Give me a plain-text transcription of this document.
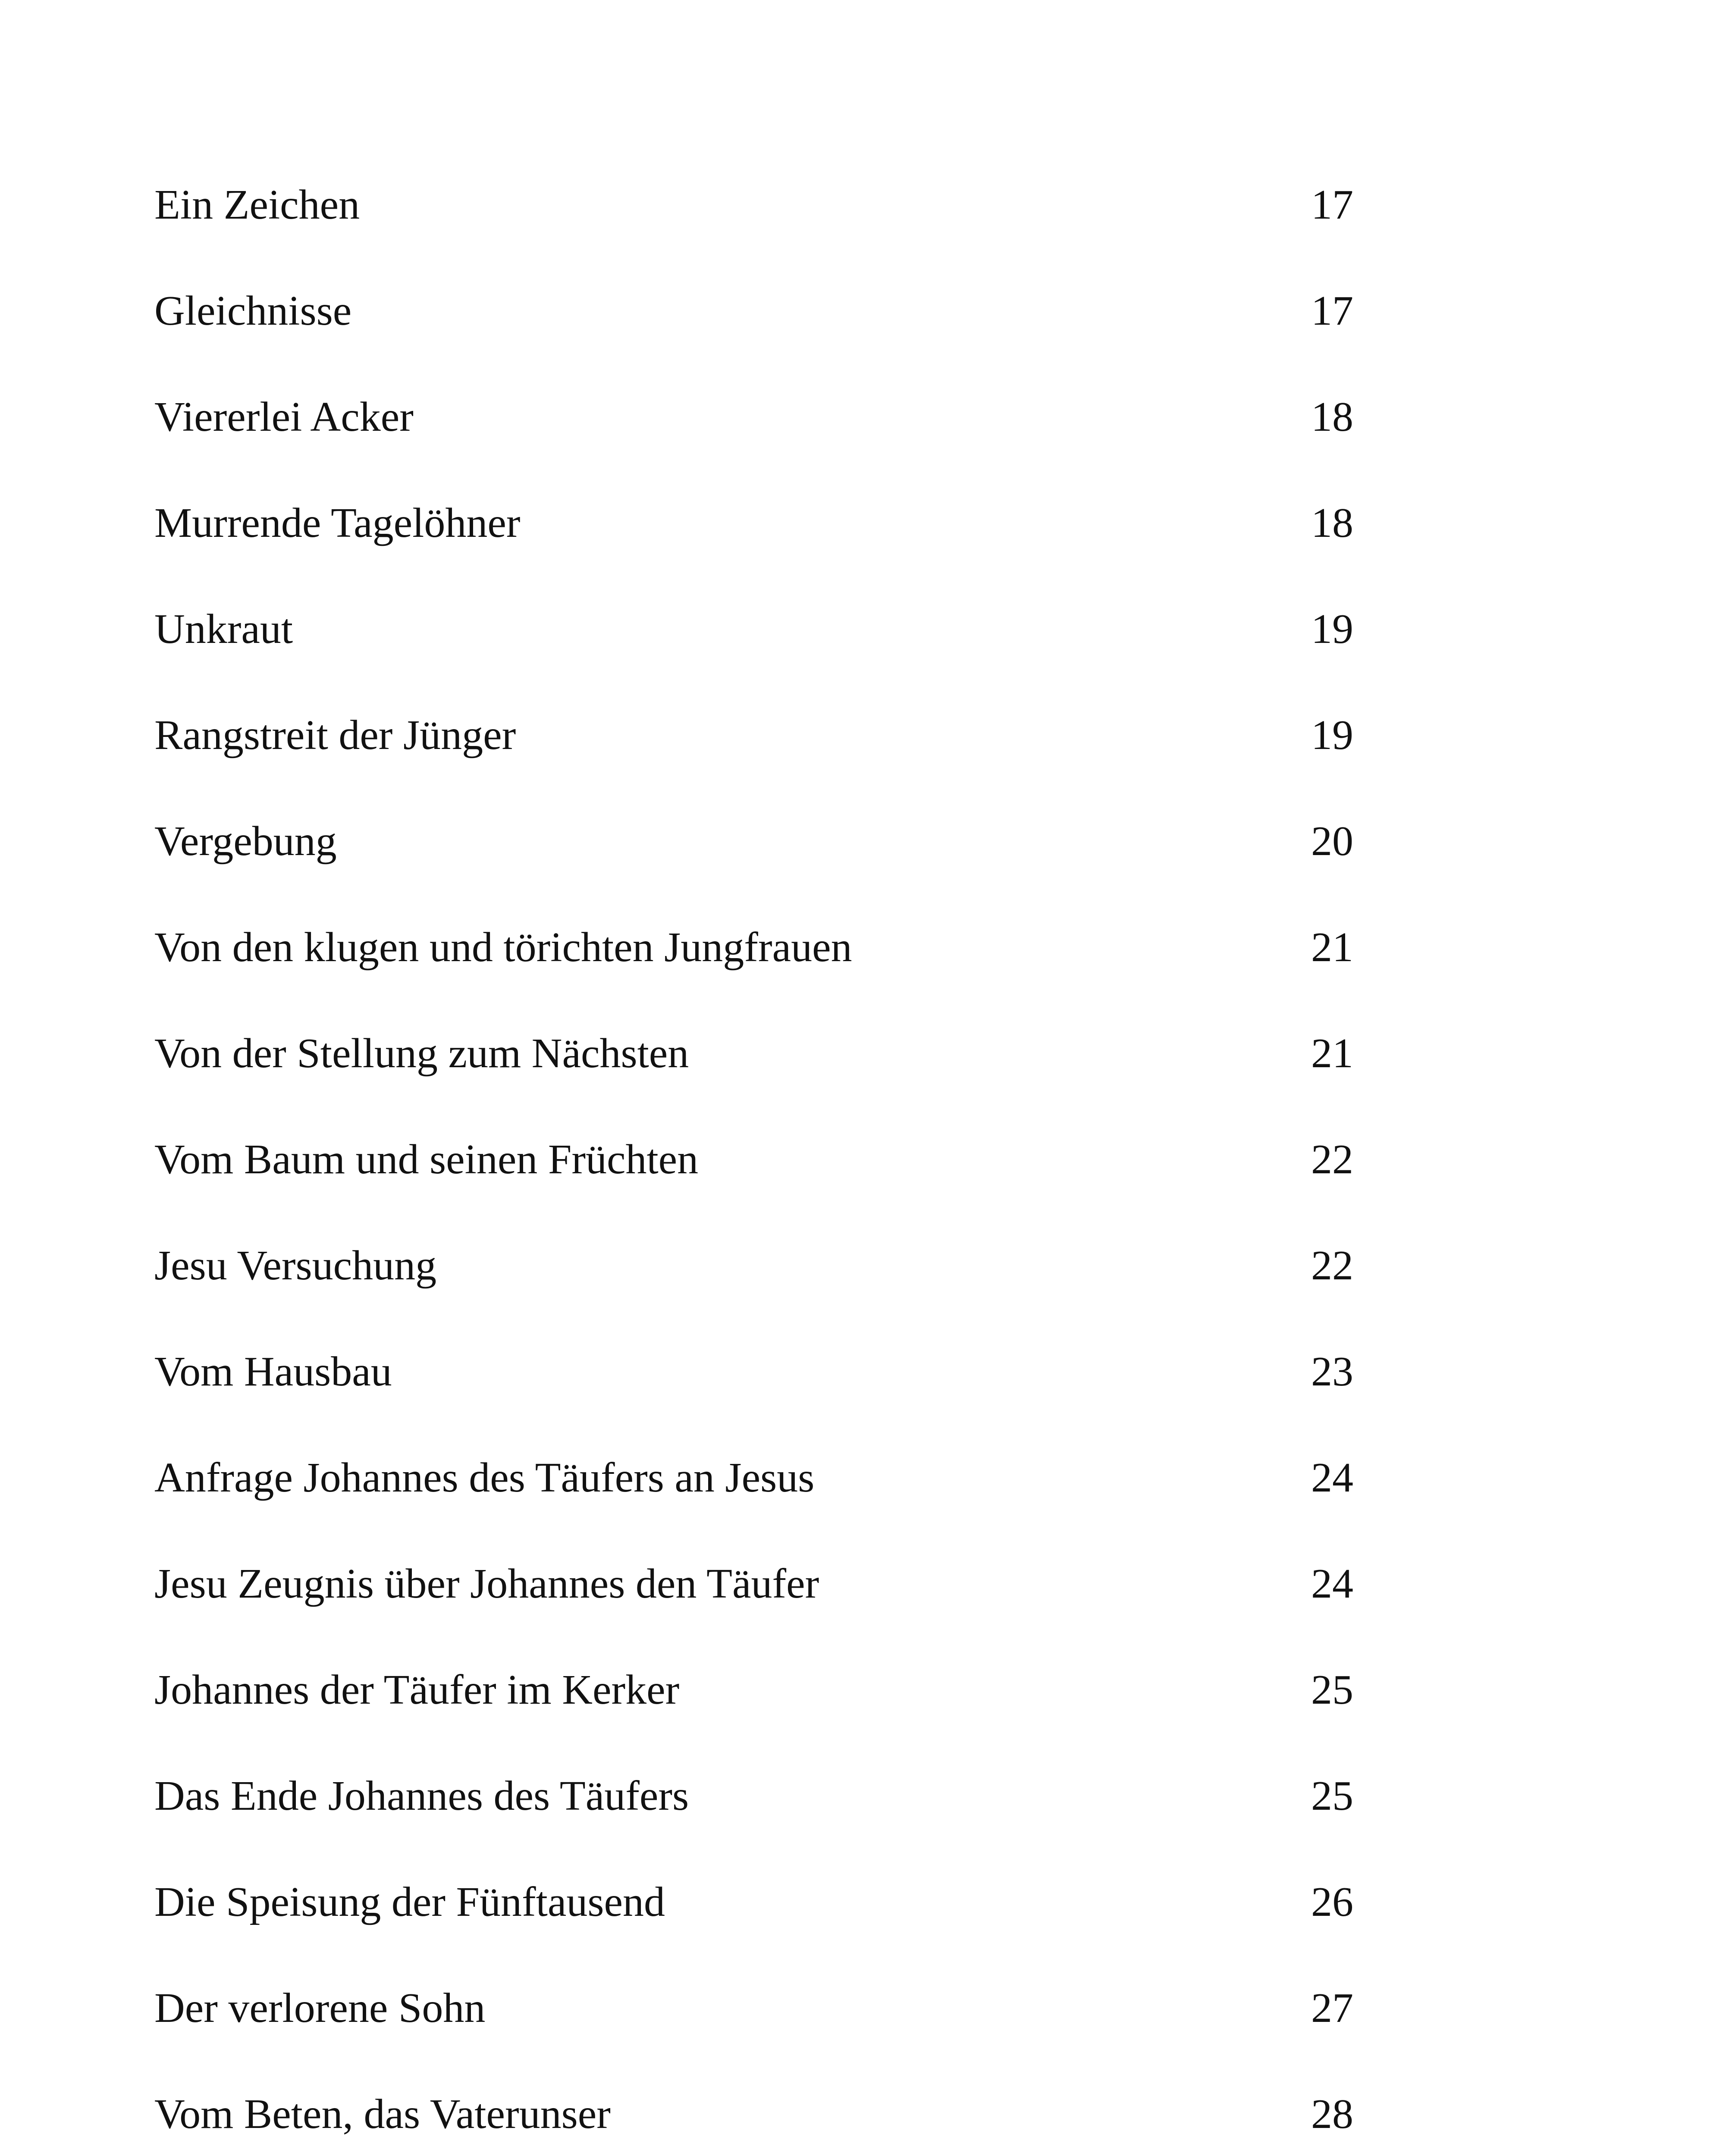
Ein Zeichen	17
Gleichnisse	17
Viererlei Acker	18
Murrende Tagelöhner	18
Unkraut	19
Rangstreit der Jünger	19
Vergebung	20
Von den klugen und törichten Jungfrauen	21
Von der Stellung zum Nächsten	21
Vom Baum und seinen Früchten	22
Jesu Versuchung	22
Vom Hausbau	23
Anfrage Johannes des Täufers an Jesus	24
Jesu Zeugnis über Johannes den Täufer	24
Johannes der Täufer im Kerker	25
Das Ende Johannes des Täufers	25
Die Speisung der Fünftausend	26
Der verlorene Sohn	27
Vom Beten, das Vaterunser	28
